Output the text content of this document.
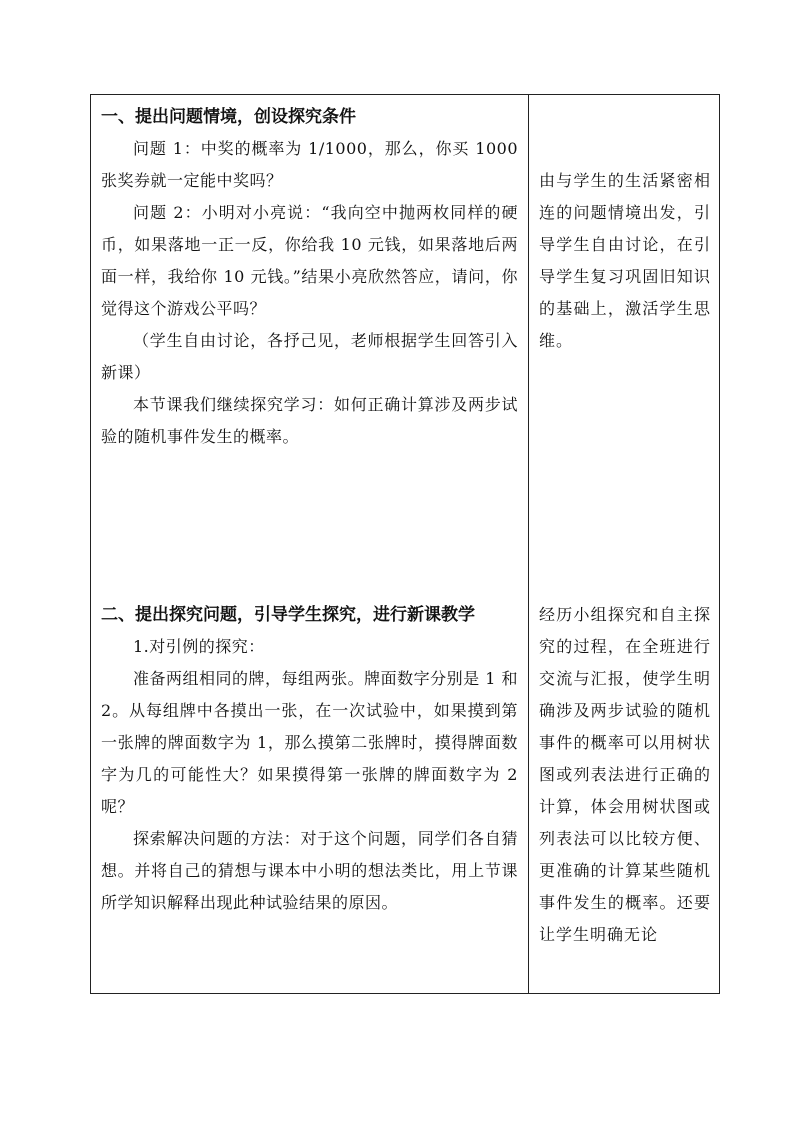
一、提出问题情境，创设探究条件

问题 1：中奖的概率为 1/1000，那么，你买 1000 张奖券就一定能中奖吗？

问题 2：小明对小亮说：“我向空中抛两枚同样的硬币，如果落地一正一反，你给我 10 元钱，如果落地后两面一样，我给你 10 元钱。”结果小亮欣然答应，请问，你觉得这个游戏公平吗？

（学生自由讨论，各抒己见，老师根据学生回答引入新课）

本节课我们继续探究学习：如何正确计算涉及两步试验的随机事件发生的概率。

二、提出探究问题，引导学生探究，进行新课教学

1.对引例的探究：

准备两组相同的牌，每组两张。牌面数字分别是 1 和 2。从每组牌中各摸出一张，在一次试验中，如果摸到第一张牌的牌面数字为 1，那么摸第二张牌时，摸得牌面数字为几的可能性大？如果摸得第一张牌的牌面数字为 2 呢？

探索解决问题的方法：对于这个问题，同学们各自猜想。并将自己的猜想与课本中小明的想法类比，用上节课所学知识解释出现此种试验结果的原因。

由与学生的生活紧密相连的问题情境出发，引导学生自由讨论，在引导学生复习巩固旧知识的基础上，激活学生思维。

经历小组探究和自主探究的过程，在全班进行交流与汇报，使学生明确涉及两步试验的随机事件的概率可以用树状图或列表法进行正确的计算，体会用树状图或列表法可以比较方便、更准确的计算某些随机事件发生的概率。还要让学生明确无论
